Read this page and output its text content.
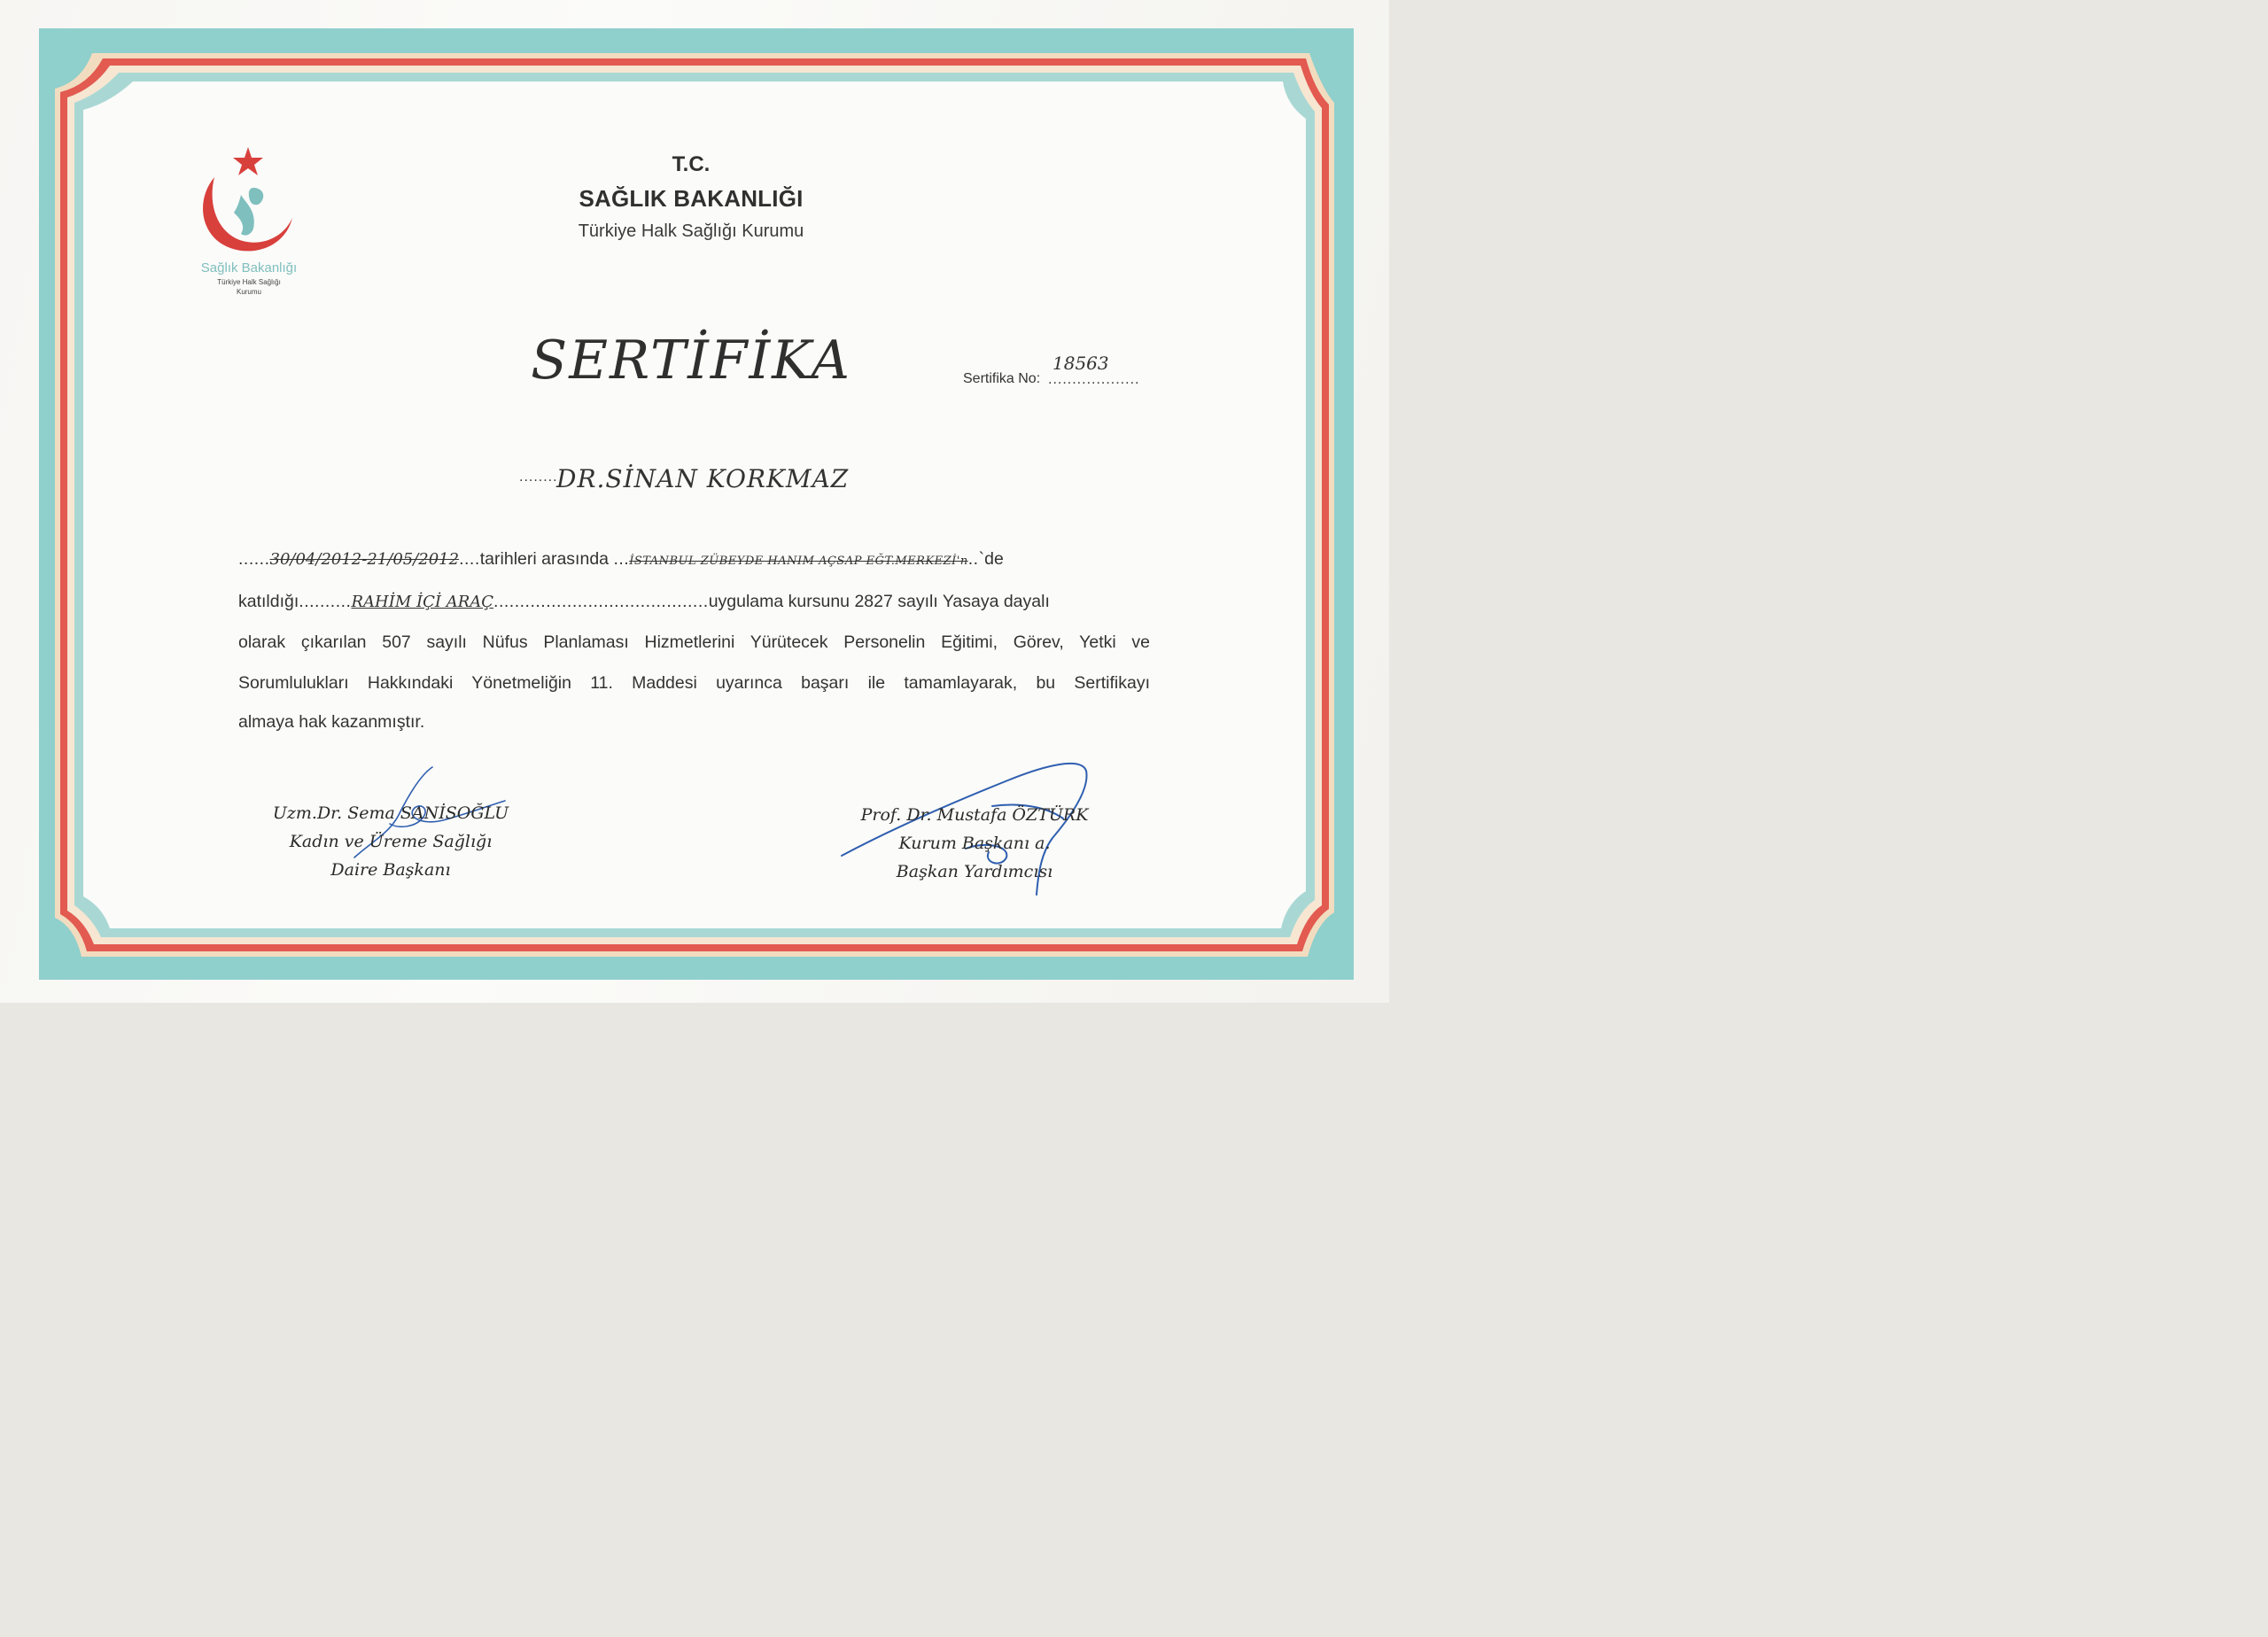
Sağlık Bakanlığı
Türkiye Halk Sağlığı
Kurumu
T.C.
SAĞLIK BAKANLIĞI
Türkiye Halk Sağlığı Kurumu
SERTİFİKA	18563
Sertifika No: ...................
........
DR.SİNAN KORKMAZ
......30/04/2012-21/05/2012....tarihleri arasında ...İSTANBUL ZÜBEYDE HANIM AÇSAP EĞT.MERKEZİ'n..`de
katıldığı..........RAHİM İÇİ ARAÇ.........................................uygulama kursunu 2827 sayılı Yasaya dayalı
olarak çıkarılan 507 sayılı Nüfus Planlaması Hizmetlerini Yürütecek Personelin Eğitimi, Görev, Yetki ve
Sorumlulukları Hakkındaki Yönetmeliğin 11. Maddesi uyarınca başarı ile tamamlayarak, bu Sertifikayı
almaya hak kazanmıştır.
Uzm.Dr. Sema SANİSOĞLU
Kadın ve Üreme Sağlığı
Daire Başkanı
Prof. Dr. Mustafa ÖZTÜRK
Kurum Başkanı a.
Başkan Yardımcısı
